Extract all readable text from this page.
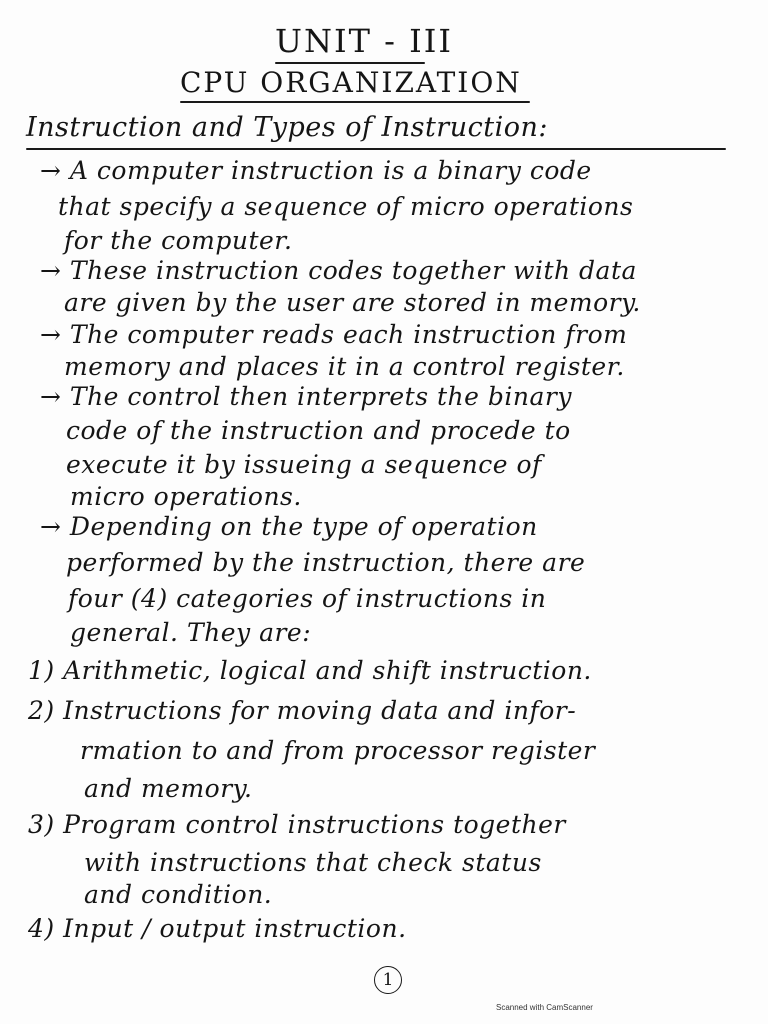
UNIT - III
CPU ORGANIZATION
Instruction and Types of Instruction:
→ A computer instruction is a binary code
that specify a sequence of micro operations
for the computer.
→ These instruction codes together with data
are given by the user are stored in memory.
→ The computer reads each instruction from
memory and places it in a control register.
→ The control then interprets the binary
code of the instruction and procede to
execute it by issueing a sequence of
micro operations.
→ Depending on the type of operation
performed by the instruction, there are
four (4) categories of instructions in
general. They are:
1) Arithmetic, logical and shift instruction.
2) Instructions for moving data and infor-
rmation to and from processor register
and memory.
3) Program control instructions together
with instructions that check status
and condition.
4) Input / output instruction.
1
Scanned with CamScanner
